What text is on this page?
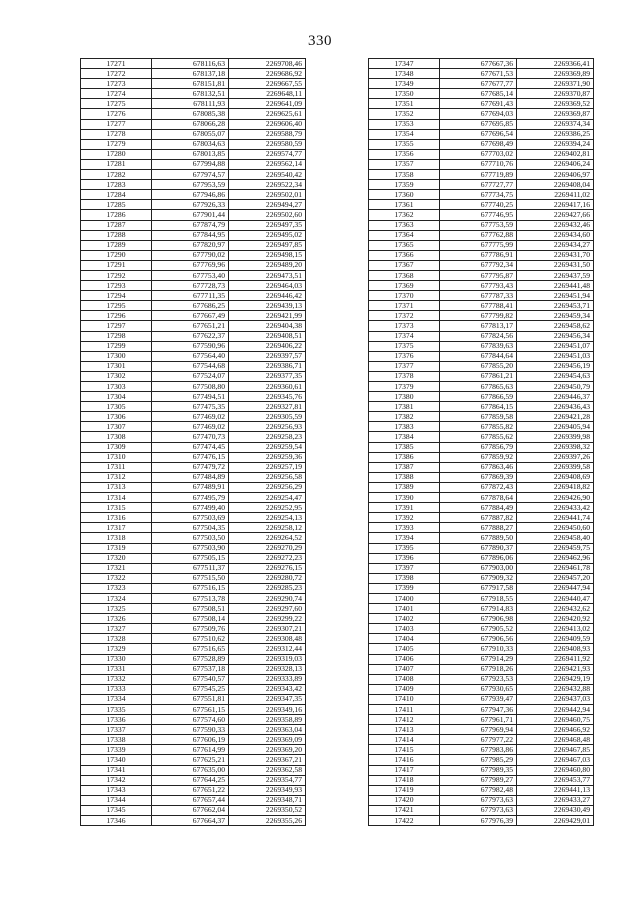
330
17271	678116,63	2269708,46
17272	678137,18	2269686,92
17273	678151,81	2269667,55
17274	678132,51	2269648,11
17275	678111,93	2269641,09
17276	678085,38	2269625,61
17277	678066,28	2269606,40
17278	678055,07	2269588,79
17279	678034,63	2269580,59
17280	678013,85	2269574,77
17281	677994,88	2269562,14
17282	677974,57	2269540,42
17283	677953,59	2269522,34
17284	677946,86	2269502,01
17285	677926,33	2269494,27
17286	677901,44	2269502,60
17287	677874,79	2269497,35
17288	677844,95	2269495,02
17289	677820,97	2269497,85
17290	677790,02	2269498,15
17291	677769,96	2269489,20
17292	677753,40	2269473,51
17293	677728,73	2269464,03
17294	677711,35	2269446,42
17295	677686,25	2269439,13
17296	677667,49	2269421,99
17297	677651,21	2269404,38
17298	677622,37	2269408,51
17299	677590,96	2269406,22
17300	677564,40	2269397,57
17301	677544,68	2269386,71
17302	677524,07	2269377,35
17303	677508,80	2269360,61
17304	677494,51	2269345,76
17305	677475,35	2269327,81
17306	677469,02	2269305,59
17307	677469,02	2269256,93
17308	677470,73	2269258,23
17309	677474,45	2269259,54
17310	677476,15	2269259,36
17311	677479,72	2269257,19
17312	677484,89	2269256,58
17313	677489,91	2269256,29
17314	677495,79	2269254,47
17315	677499,40	2269252,95
17316	677503,69	2269254,13
17317	677504,35	2269258,12
17318	677503,50	2269264,52
17319	677503,90	2269270,29
17320	677505,15	2269272,23
17321	677511,37	2269276,15
17322	677515,50	2269280,72
17323	677516,15	2269285,23
17324	677513,78	2269290,74
17325	677508,51	2269297,60
17326	677508,14	2269299,22
17327	677509,76	2269307,21
17328	677510,62	2269308,48
17329	677516,65	2269312,44
17330	677528,89	2269319,03
17331	677537,18	2269328,13
17332	677540,57	2269333,89
17333	677545,25	2269343,42
17334	677551,81	2269347,35
17335	677561,15	2269349,16
17336	677574,60	2269358,89
17337	677590,33	2269363,04
17338	677606,19	2269369,09
17339	677614,99	2269369,20
17340	677625,21	2269367,21
17341	677635,00	2269362,58
17342	677644,25	2269354,77
17343	677651,22	2269349,93
17344	677657,44	2269348,71
17345	677662,04	2269350,52
17346	677664,37	2269355,26
17347	677667,36	2269366,41
17348	677671,53	2269369,89
17349	677677,77	2269371,90
17350	677685,14	2269370,87
17351	677691,43	2269369,52
17352	677694,03	2269369,87
17353	677695,85	2269374,34
17354	677696,54	2269386,25
17355	677698,49	2269394,24
17356	677703,02	2269402,81
17357	677710,76	2269406,24
17358	677719,89	2269406,97
17359	677727,77	2269408,04
17360	677734,75	2269411,02
17361	677740,25	2269417,16
17362	677746,95	2269427,66
17363	677753,59	2269432,46
17364	677762,88	2269434,60
17365	677775,99	2269434,27
17366	677786,91	2269431,70
17367	677792,34	2269431,50
17368	677795,87	2269437,59
17369	677793,43	2269441,48
17370	677787,33	2269451,94
17371	677788,41	2269453,71
17372	677799,82	2269459,34
17373	677813,17	2269458,62
17374	677824,56	2269456,34
17375	677839,63	2269451,07
17376	677844,64	2269451,03
17377	677855,20	2269456,19
17378	677861,21	2269454,63
17379	677865,63	2269450,79
17380	677866,59	2269446,37
17381	677864,15	2269436,43
17382	677859,58	2269421,28
17383	677855,82	2269405,94
17384	677855,62	2269399,98
17385	677856,79	2269398,32
17386	677859,92	2269397,26
17387	677863,46	2269399,58
17388	677869,39	2269408,69
17389	677872,43	2269418,82
17390	677878,64	2269426,90
17391	677884,49	2269433,42
17392	677887,82	2269441,74
17393	677888,27	2269450,60
17394	677889,50	2269458,40
17395	677890,37	2269459,75
17396	677896,06	2269462,96
17397	677903,00	2269461,78
17398	677909,32	2269457,20
17399	677917,58	2269447,94
17400	677918,55	2269440,47
17401	677914,83	2269432,62
17402	677906,98	2269420,92
17403	677905,52	2269413,02
17404	677906,56	2269409,59
17405	677910,33	2269408,93
17406	677914,29	2269411,92
17407	677918,26	2269421,93
17408	677923,53	2269429,19
17409	677930,65	2269432,88
17410	677939,47	2269437,03
17411	677947,36	2269442,94
17412	677961,71	2269460,75
17413	677969,94	2269466,92
17414	677977,22	2269468,48
17415	677983,86	2269467,85
17416	677985,29	2269467,03
17417	677989,35	2269460,80
17418	677989,27	2269453,77
17419	677982,48	2269441,13
17420	677973,63	2269433,27
17421	677973,63	2269430,49
17422	677976,39	2269429,01
